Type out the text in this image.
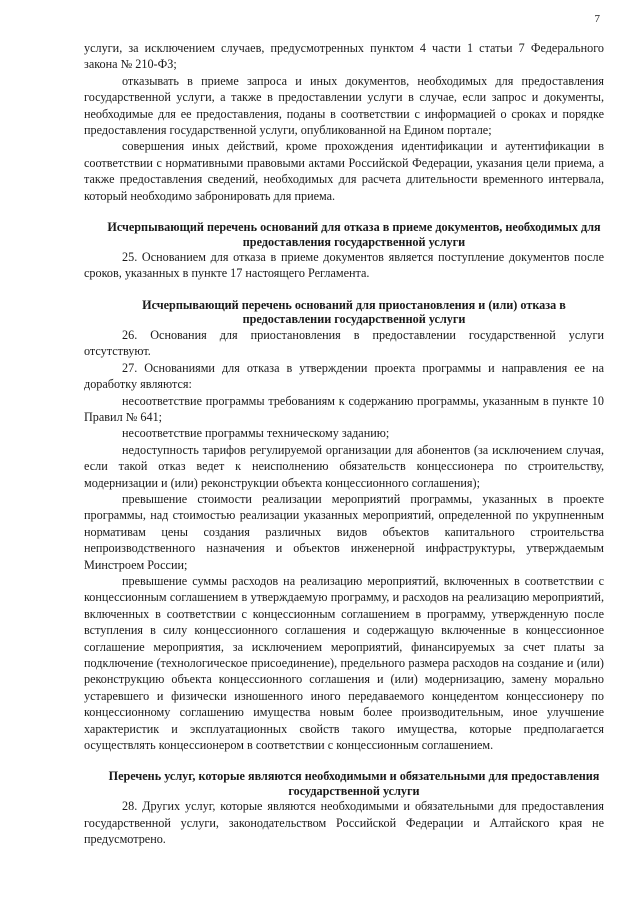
7

услуги, за исключением случаев, предусмотренных пунктом 4 части 1 статьи 7 Федерального закона № 210-ФЗ;

отказывать в приеме запроса и иных документов, необходимых для предоставления государственной услуги, а также в предоставлении услуги в случае, если запрос и документы, необходимые для ее предоставления, поданы в соответствии с информацией о сроках и порядке предоставления государственной услуги, опубликованной на Едином портале;

совершения иных действий, кроме прохождения идентификации и аутентификации в соответствии с нормативными правовыми актами Российской Федерации, указания цели приема, а также предоставления сведений, необходимых для расчета длительности временного интервала, который необходимо забронировать для приема.

Исчерпывающий перечень оснований для отказа в приеме документов, необходимых для предоставления государственной услуги

25. Основанием для отказа в приеме документов является поступление документов после сроков, указанных в пункте 17 настоящего Регламента.

Исчерпывающий перечень оснований для приостановления и (или) отказа в предоставлении государственной услуги

26. Основания для приостановления в предоставлении государственной услуги отсутствуют.

27. Основаниями для отказа в утверждении проекта программы и направления ее на доработку являются:

несоответствие программы требованиям к содержанию программы, указанным в пункте 10 Правил № 641;

несоответствие программы техническому заданию;

недоступность тарифов регулируемой организации для абонентов (за исключением случая, если такой отказ ведет к неисполнению обязательств концессионера по строительству, модернизации и (или) реконструкции объекта концессионного соглашения);

превышение стоимости реализации мероприятий программы, указанных в проекте программы, над стоимостью реализации указанных мероприятий, определенной по укрупненным нормативам цены создания различных видов объектов капитального строительства непроизводственного назначения и объектов инженерной инфраструктуры, утверждаемым Минстроем России;

превышение суммы расходов на реализацию мероприятий, включенных в соответствии с концессионным соглашением в утверждаемую программу, и расходов на реализацию мероприятий, включенных в соответствии с концессионным соглашением в программу, утвержденную после вступления в силу концессионного соглашения и содержащую включенные в концессионное соглашение мероприятия, за исключением мероприятий, финансируемых за счет платы за подключение (технологическое присоединение), предельного размера расходов на создание и (или) реконструкцию объекта концессионного соглашения и (или) модернизацию, замену морально устаревшего и физически изношенного иного передаваемого концедентом концессионеру по концессионному соглашению имущества новым более производительным, иное улучшение характеристик и эксплуатационных свойств такого имущества, которые предполагается осуществлять концессионером в соответствии с концессионным соглашением.

Перечень услуг, которые являются необходимыми и обязательными для предоставления государственной услуги

28. Других услуг, которые являются необходимыми и обязательными для предоставления государственной услуги, законодательством Российской Федерации и Алтайского края не предусмотрено.
